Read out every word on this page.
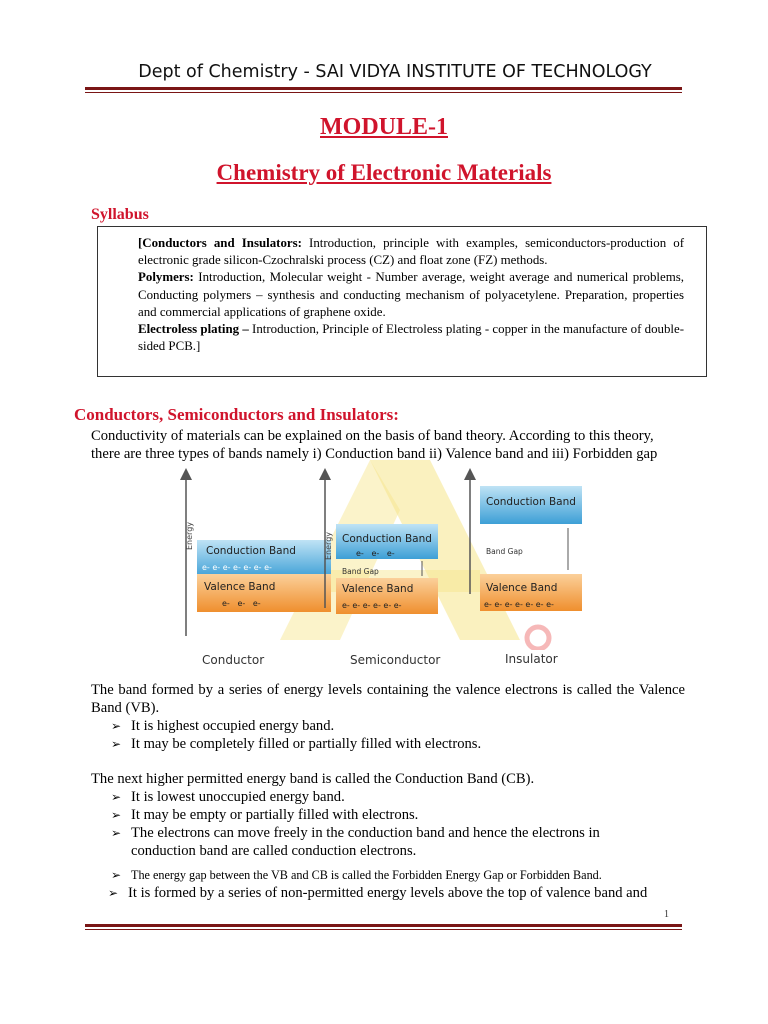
Dept of Chemistry - SAI VIDYA INSTITUTE OF TECHNOLOGY
MODULE-1
Chemistry of Electronic Materials
Syllabus

[Conductors and Insulators: Introduction, principle with examples, semiconductors-production of electronic grade silicon-Czochralski process (CZ) and float zone (FZ) methods.

Polymers: Introduction, Molecular weight - Number average, weight average and numerical problems, Conducting polymers – synthesis and conducting mechanism of polyacetylene. Preparation, properties and commercial applications of graphene oxide.

Electroless plating – Introduction, Principle of Electroless plating - copper in the manufacture of double-sided PCB.]

Conductors, Semiconductors and Insulators:

Conductivity of materials can be explained on the basis of band theory. According to this theory, there are three types of bands namely i) Conduction band ii) Valence band and iii) Forbidden gap

Energy
Conduction Band
e- e- e- e- e- e- e-
Valence Band
e-   e-   e-
Conductor
Energy Conduction Band
e-   e-   e-
Band Gap
Valence Band
e- e- e- e- e- e-
Semiconductor
Conduction Band
Band Gap
Valence Band
e- e- e- e- e- e- e-
Insulator

The band formed by a series of energy levels containing the valence electrons is called the Valence Band (VB).

➢ It is highest occupied energy band.
➢ It may be completely filled or partially filled with electrons.

The next higher permitted energy band is called the Conduction Band (CB).

➢ It is lowest unoccupied energy band.
➢ It may be empty or partially filled with electrons.
➢ The electrons can move freely in the conduction band and hence the electrons in conduction band are called conduction electrons.
➢ The energy gap between the VB and CB is called the Forbidden Energy Gap or Forbidden Band.
➢ It is formed by a series of non-permitted energy levels above the top of valence band and
1
